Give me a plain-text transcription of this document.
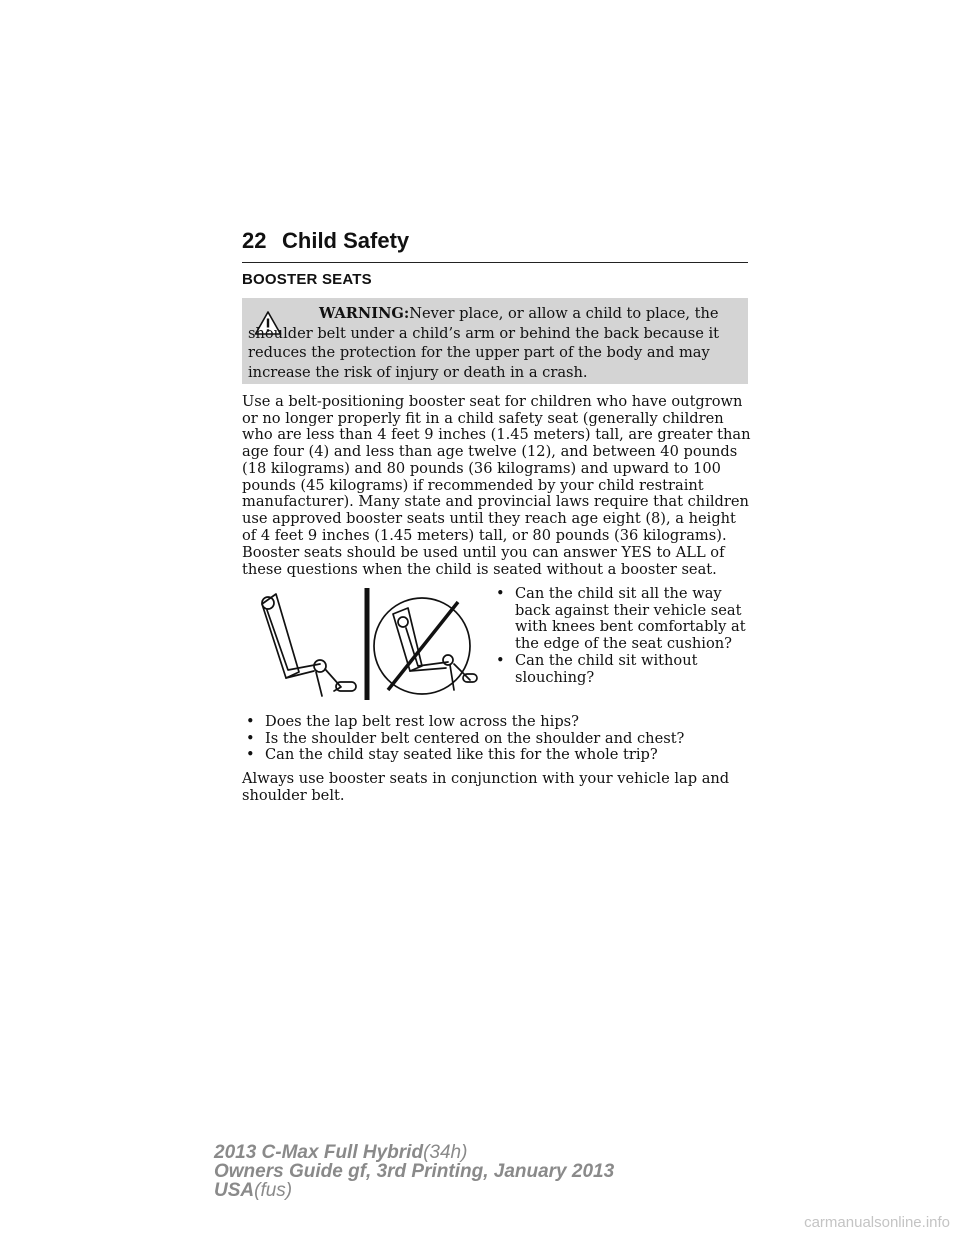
22 Child Safety
BOOSTER SEATS
WARNING:Never place, or allow a child to place, the shoulder belt under a child’s arm or behind the back because it reduces the protection for the upper part of the body and may increase the risk of injury or death in a crash.

Use a belt-positioning booster seat for children who have outgrown or no longer properly fit in a child safety seat (generally children who are less than 4 feet 9 inches (1.45 meters) tall, are greater than age four (4) and less than age twelve (12), and between 40 pounds (18 kilograms) and 80 pounds (36 kilograms) and upward to 100 pounds (45 kilograms) if recommended by your child restraint manufacturer). Many state and provincial laws require that children use approved booster seats until they reach age eight (8), a height of 4 feet 9 inches (1.45 meters) tall, or 80 pounds (36 kilograms).

Booster seats should be used until you can answer YES to ALL of these questions when the child is seated without a booster seat.

• Can the child sit all the way back against their vehicle seat with knees bent comfortably at the edge of the seat cushion?
• Can the child sit without slouching?
• Does the lap belt rest low across the hips?
• Is the shoulder belt centered on the shoulder and chest?
• Can the child stay seated like this for the whole trip?

Always use booster seats in conjunction with your vehicle lap and shoulder belt.

2013 C-Max Full Hybrid(34h)
Owners Guide gf, 3rd Printing, January 2013
USA(fus)
carmanualsonline.info
